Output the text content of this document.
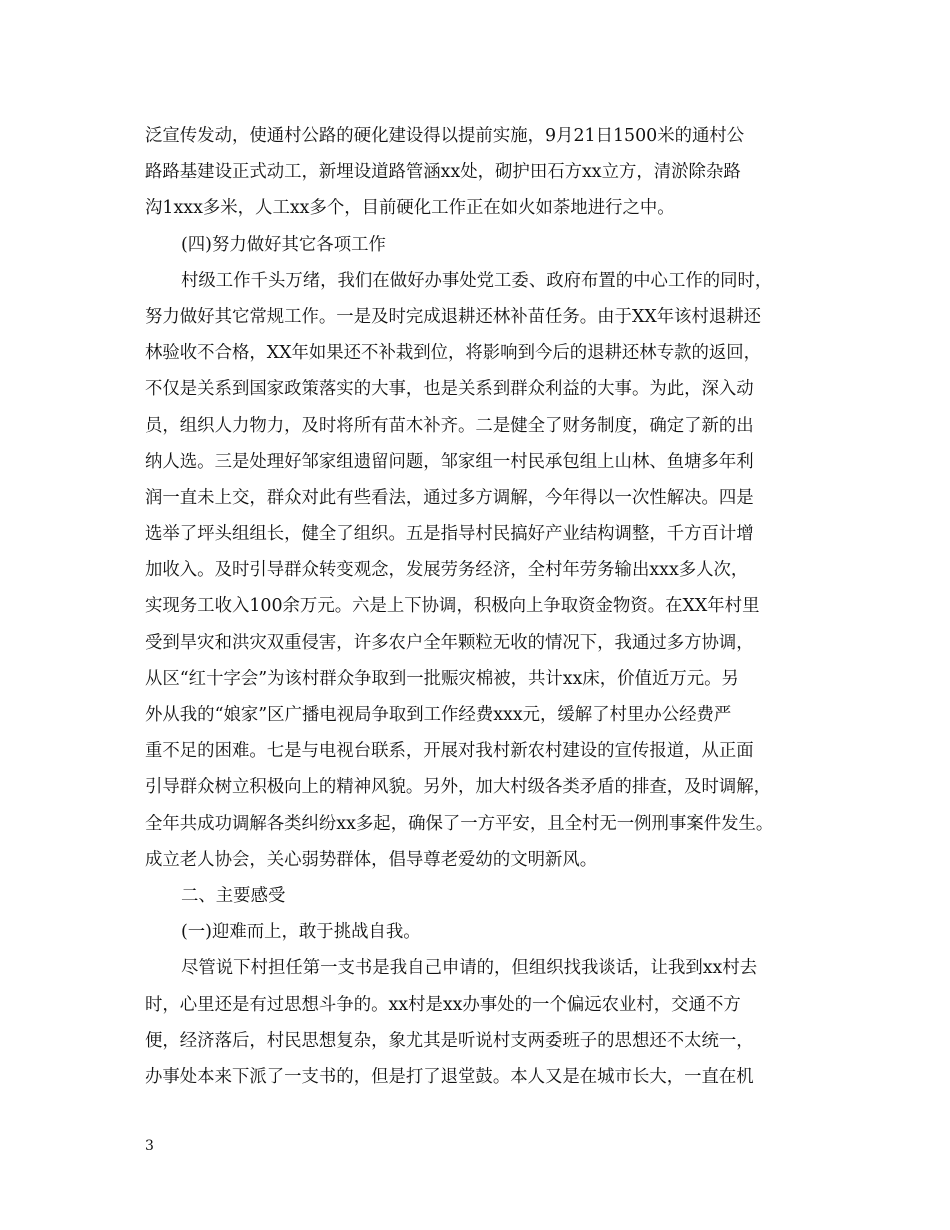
泛宣传发动，使通村公路的硬化建设得以提前实施，9月21日1500米的通村公
路路基建设正式动工，新埋设道路管涵xx处，砌护田石方xx立方，清淤除杂路
沟1xxx多米，人工xx多个，目前硬化工作正在如火如荼地进行之中。
(四)努力做好其它各项工作
村级工作千头万绪，我们在做好办事处党工委、政府布置的中心工作的同时，
努力做好其它常规工作。一是及时完成退耕还林补苗任务。由于XX年该村退耕还
林验收不合格，XX年如果还不补栽到位，将影响到今后的退耕还林专款的返回，
不仅是关系到国家政策落实的大事，也是关系到群众利益的大事。为此，深入动
员，组织人力物力，及时将所有苗木补齐。二是健全了财务制度，确定了新的出
纳人选。三是处理好邹家组遗留问题，邹家组一村民承包组上山林、鱼塘多年利
润一直未上交，群众对此有些看法，通过多方调解，今年得以一次性解决。四是
选举了坪头组组长，健全了组织。五是指导村民搞好产业结构调整，千方百计增
加收入。及时引导群众转变观念，发展劳务经济，全村年劳务输出xxx多人次，
实现务工收入100余万元。六是上下协调，积极向上争取资金物资。在XX年村里
受到旱灾和洪灾双重侵害，许多农户全年颗粒无收的情况下，我通过多方协调，
从区“红十字会”为该村群众争取到一批赈灾棉被，共计xx床，价值近万元。另
外从我的“娘家”区广播电视局争取到工作经费xxx元，缓解了村里办公经费严
重不足的困难。七是与电视台联系，开展对我村新农村建设的宣传报道，从正面
引导群众树立积极向上的精神风貌。另外，加大村级各类矛盾的排查，及时调解，
全年共成功调解各类纠纷xx多起，确保了一方平安，且全村无一例刑事案件发生。
成立老人协会，关心弱势群体，倡导尊老爱幼的文明新风。
二、主要感受
(一)迎难而上，敢于挑战自我。
尽管说下村担任第一支书是我自己申请的，但组织找我谈话，让我到xx村去
时，心里还是有过思想斗争的。xx村是xx办事处的一个偏远农业村，交通不方
便，经济落后，村民思想复杂，象尤其是听说村支两委班子的思想还不太统一，
办事处本来下派了一支书的，但是打了退堂鼓。本人又是在城市长大，一直在机
3
